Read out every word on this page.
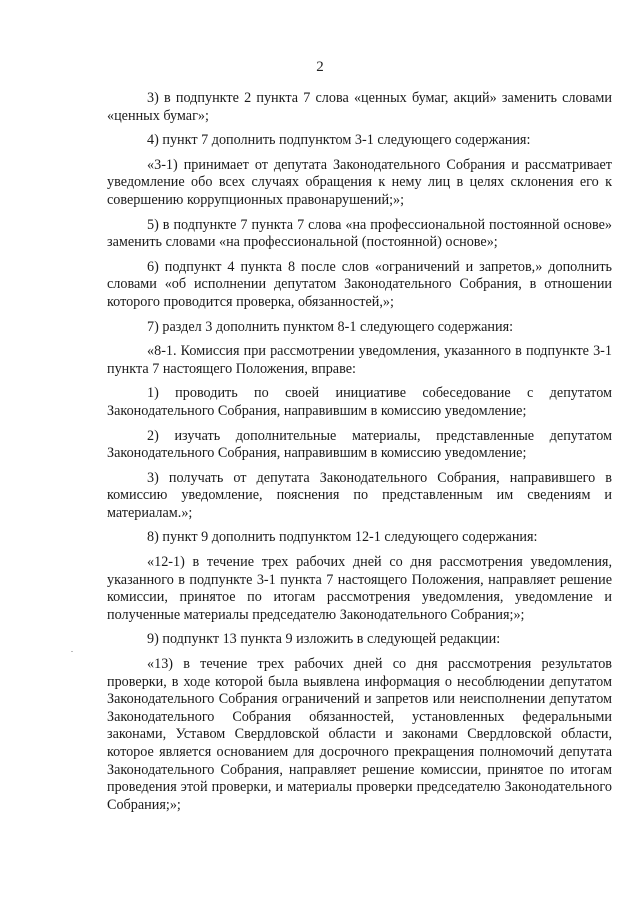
2

3) в подпункте 2 пункта 7 слова «ценных бумаг, акций» заменить словами «ценных бумаг»;

4) пункт 7 дополнить подпунктом 3-1 следующего содержания:

«3-1) принимает от депутата Законодательного Собрания и рассматривает уведомление обо всех случаях обращения к нему лиц в целях склонения его к совершению коррупционных правонарушений;»;

5) в подпункте 7 пункта 7 слова «на профессиональной постоянной основе» заменить словами «на профессиональной (постоянной) основе»;

6) подпункт 4 пункта 8 после слов «ограничений и запретов,» дополнить словами «об исполнении депутатом Законодательного Собрания, в отношении которого проводится проверка, обязанностей,»;

7) раздел 3 дополнить пунктом 8-1 следующего содержания:

«8-1. Комиссия при рассмотрении уведомления, указанного в подпункте 3-1 пункта 7 настоящего Положения, вправе:

1) проводить по своей инициативе собеседование с депутатом Законодательного Собрания, направившим в комиссию уведомление;

2) изучать дополнительные материалы, представленные депутатом Законодательного Собрания, направившим в комиссию уведомление;

3) получать от депутата Законодательного Собрания, направившего в комиссию уведомление, пояснения по представленным им сведениям и материалам.»;

8) пункт 9 дополнить подпунктом 12-1 следующего содержания:

«12-1) в течение трех рабочих дней со дня рассмотрения уведомления, указанного в подпункте 3-1 пункта 7 настоящего Положения, направляет решение комиссии, принятое по итогам рассмотрения уведомления, уведомление и полученные материалы председателю Законодательного Собрания;»;

9) подпункт 13 пункта 9 изложить в следующей редакции:

«13) в течение трех рабочих дней со дня рассмотрения результатов проверки, в ходе которой была выявлена информация о несоблюдении депутатом Законодательного Собрания ограничений и запретов или неисполнении депутатом Законодательного Собрания обязанностей, установленных федеральными законами, Уставом Свердловской области и законами Свердловской области, которое является основанием для досрочного прекращения полномочий депутата Законодательного Собрания, направляет решение комиссии, принятое по итогам проведения этой проверки, и материалы проверки председателю Законодательного Собрания;»;
